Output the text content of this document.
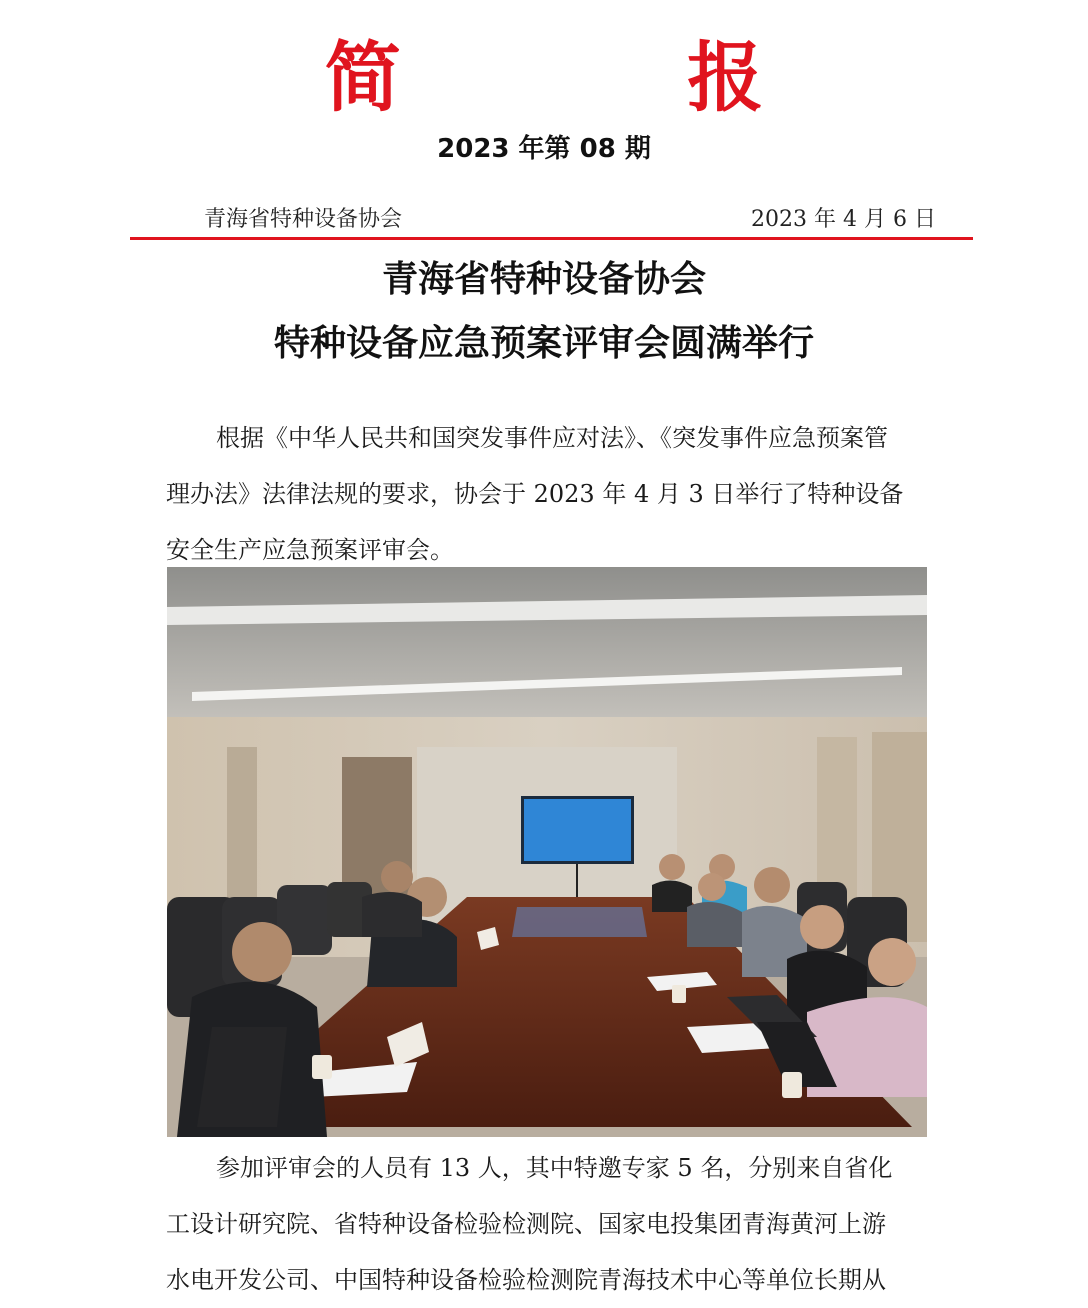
简 报
2023 年第 08 期
青海省特种设备协会	2023 年 4 月 6 日
青海省特种设备协会
特种设备应急预案评审会圆满举行
根据《中华人民共和国突发事件应对法》、《突发事件应急预案管
理办法》法律法规的要求，协会于 2023 年 4 月 3 日举行了特种设备
安全生产应急预案评审会。
参加评审会的人员有 13 人，其中特邀专家 5 名，分别来自省化
工设计研究院、省特种设备检验检测院、国家电投集团青海黄河上游
水电开发公司、中国特种设备检验检测院青海技术中心等单位长期从
